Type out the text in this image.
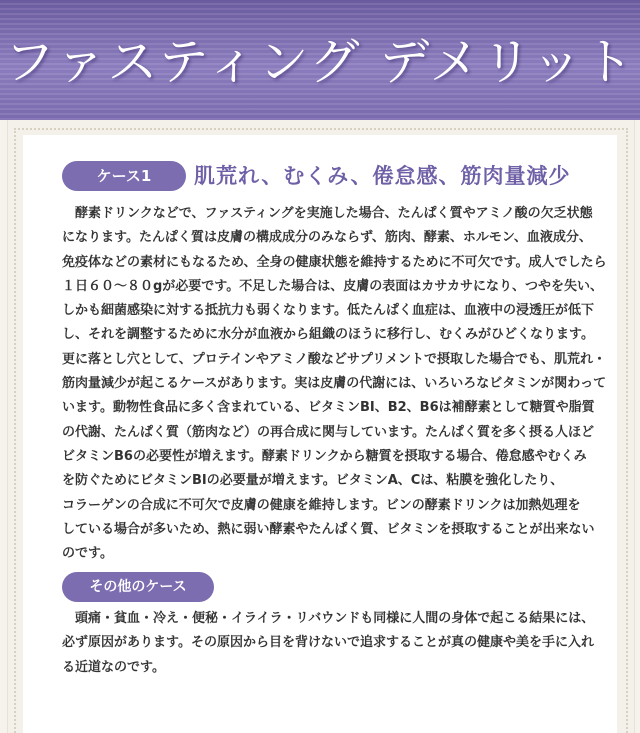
ファスティング デメリット
ケース1	肌荒れ、むくみ、倦怠感、筋肉量減少
酵素ドリンクなどで、ファスティングを実施した場合、たんぱく質やアミノ酸の欠乏状態
になります。たんぱく質は皮膚の構成成分のみならず、筋肉、酵素、ホルモン、血液成分、
免疫体などの素材にもなるため、全身の健康状態を維持するために不可欠です。成人でしたら
１日６０～８０gが必要です。不足した場合は、皮膚の表面はカサカサになり、つやを失い、
しかも細菌感染に対する抵抗力も弱くなります。低たんぱく血症は、血液中の浸透圧が低下
し、それを調整するために水分が血液から組織のほうに移行し、むくみがひどくなります。
更に落とし穴として、プロテインやアミノ酸などサプリメントで摂取した場合でも、肌荒れ・
筋肉量減少が起こるケースがあります。実は皮膚の代謝には、いろいろなビタミンが関わって
います。動物性食品に多く含まれている、ビタミンBⅠ、B2、B6は補酵素として糖質や脂質
の代謝、たんぱく質（筋肉など）の再合成に関与しています。たんぱく質を多く摂る人ほど
ビタミンB6の必要性が増えます。酵素ドリンクから糖質を摂取する場合、倦怠感やむくみ
を防ぐためにビタミンBⅠの必要量が増えます。ビタミンA、Cは、粘膜を強化したり、
コラーゲンの合成に不可欠で皮膚の健康を維持します。ビンの酵素ドリンクは加熱処理を
している場合が多いため、熱に弱い酵素やたんぱく質、ビタミンを摂取することが出来ない
のです。
その他のケース
頭痛・貧血・冷え・便秘・イライラ・リバウンドも同様に人間の身体で起こる結果には、
必ず原因があります。その原因から目を背けないで追求することが真の健康や美を手に入れ
る近道なのです。
